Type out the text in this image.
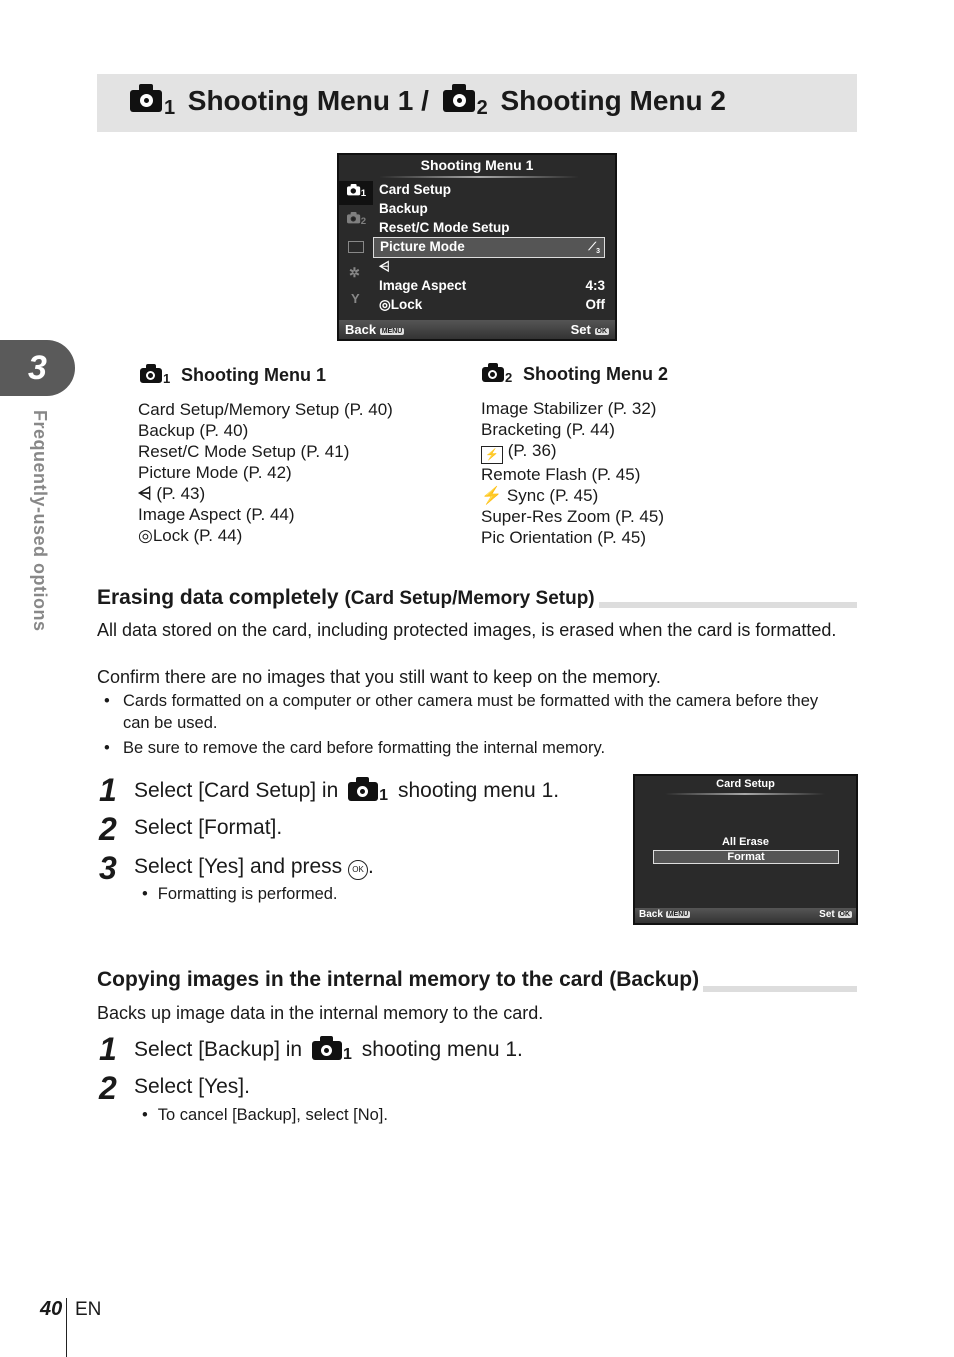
1 Shooting Menu 1 / 2 Shooting Menu 2
Shooting Menu 1
1
2
✲
Y
Card Setup
Backup
Reset/C Mode Setup
Picture Mode	$⟋_3$
⩤
Image Aspect	4:3
◎Lock	Off
Back MENU	Set OK
3
Frequently-used options
1 Shooting Menu 1
Card Setup/Memory Setup (P. 40)
Backup (P. 40)
Reset/C Mode Setup (P. 41)
Picture Mode (P. 42)
⩤ (P. 43)
Image Aspect (P. 44)
◎Lock (P. 44)
2 Shooting Menu 2
Image Stabilizer (P. 32)
Bracketing (P. 44)
⚡ (P. 36)
Remote Flash (P. 45)
⚡ Sync (P. 45)
Super-Res Zoom (P. 45)
Pic Orientation (P. 45)
Erasing data completely (Card Setup/Memory Setup)
All data stored on the card, including protected images, is erased when the card is formatted.
Confirm there are no images that you still want to keep on the memory.
• Cards formatted on a computer or other camera must be formatted with the camera before they can be used.
• Be sure to remove the card before formatting the internal memory.
1 Select [Card Setup] in	1 shooting menu 1.
2 Select [Format].
3 Select [Yes] and press OK .
• Formatting is performed.
Card Setup
All Erase
Format
Back MENU	Set OK
Copying images in the internal memory to the card (Backup)
Backs up image data in the internal memory to the card.
1 Select [Backup] in	1 shooting menu 1.
2 Select [Yes].
• To cancel [Backup], select [No].
40 EN
